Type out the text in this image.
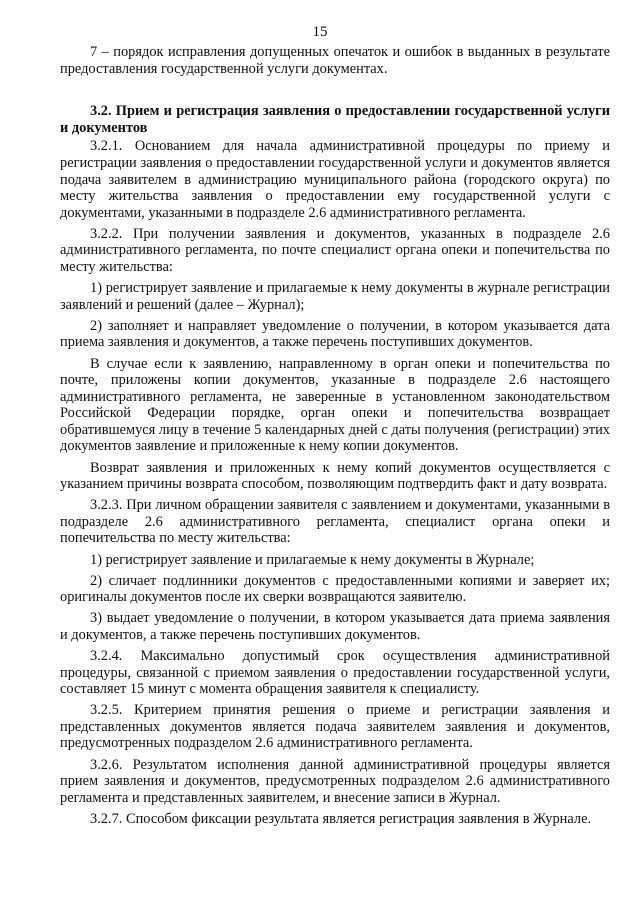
15

7 – порядок исправления допущенных опечаток и ошибок в выданных в результате предоставления государственной услуги документах.

3.2. Прием и регистрация заявления о предоставлении государственной услуги и документов

3.2.1. Основанием для начала административной процедуры по приему и регистрации заявления о предоставлении государственной услуги и документов является подача заявителем в администрацию муниципального района (городского округа) по месту жительства заявления о предоставлении ему государственной услуги с документами, указанными в подразделе 2.6 административного регламента.

3.2.2. При получении заявления и документов, указанных в подразделе 2.6 административного регламента, по почте специалист органа опеки и попечительства по месту жительства:

1) регистрирует заявление и прилагаемые к нему документы в журнале регистрации заявлений и решений (далее – Журнал);

2) заполняет и направляет уведомление о получении, в котором указывается дата приема заявления и документов, а также перечень поступивших документов.

В случае если к заявлению, направленному в орган опеки и попечительства по почте, приложены копии документов, указанные в подразделе 2.6 настоящего административного регламента, не заверенные в установленном законодательством Российской Федерации порядке, орган опеки и попечительства возвращает обратившемуся лицу в течение 5 календарных дней с даты получения (регистрации) этих документов заявление и приложенные к нему копии документов.

Возврат заявления и приложенных к нему копий документов осуществляется с указанием причины возврата способом, позволяющим подтвердить факт и дату возврата.

3.2.3. При личном обращении заявителя с заявлением и документами, указанными в подразделе 2.6 административного регламента, специалист органа опеки и попечительства по месту жительства:

1) регистрирует заявление и прилагаемые к нему документы в Журнале;

2) сличает подлинники документов с предоставленными копиями и заверяет их; оригиналы документов после их сверки возвращаются заявителю.

3) выдает уведомление о получении, в котором указывается дата приема заявления и документов, а также перечень поступивших документов.

3.2.4. Максимально допустимый срок осуществления административной процедуры, связанной с приемом заявления о предоставлении государственной услуги, составляет 15 минут с момента обращения заявителя к специалисту.

3.2.5. Критерием принятия решения о приеме и регистрации заявления и представленных документов является подача заявителем заявления и документов, предусмотренных подразделом 2.6 административного регламента.

3.2.6. Результатом исполнения данной административной процедуры является прием заявления и документов, предусмотренных подразделом 2.6 административного регламента и представленных заявителем, и внесение записи в Журнал.

3.2.7. Способом фиксации результата является регистрация заявления в Журнале.
